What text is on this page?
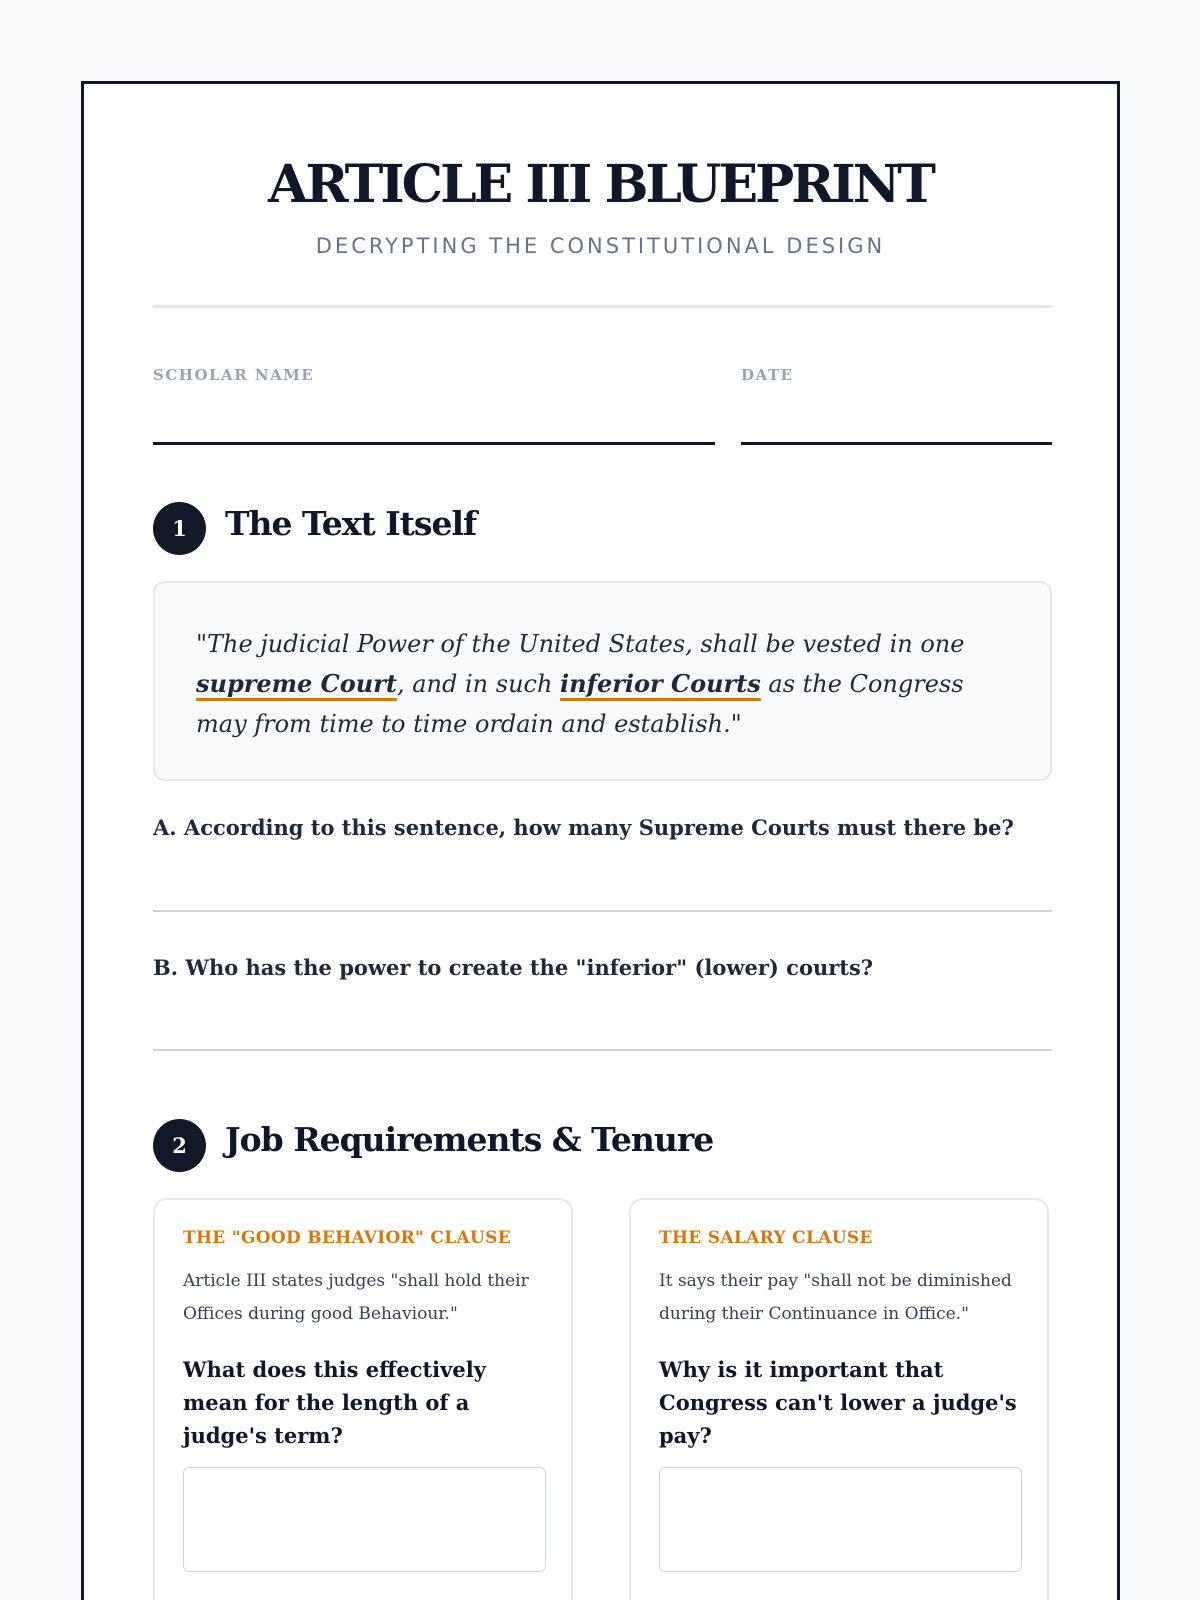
ARTICLE III BLUEPRINT
DECRYPTING THE CONSTITUTIONAL DESIGN
SCHOLAR NAME	DATE
1	The Text Itself
"The judicial Power of the United States, shall be vested in one supreme Court, and in such inferior Courts as the Congress may from time to time ordain and establish."
A. According to this sentence, how many Supreme Courts must there be?
B. Who has the power to create the "inferior" (lower) courts?
2	Job Requirements & Tenure
THE "GOOD BEHAVIOR" CLAUSE
Article III states judges "shall hold their Offices during good Behaviour."
What does this effectively mean for the length of a judge's term?
THE SALARY CLAUSE
It says their pay "shall not be diminished during their Continuance in Office."
Why is it important that Congress can't lower a judge's pay?
